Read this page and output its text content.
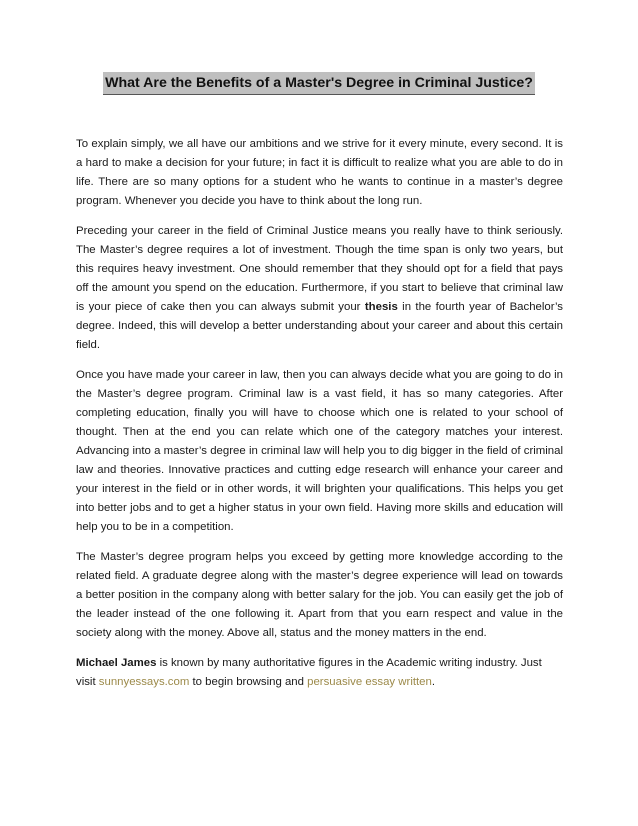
What Are the Benefits of a Master's Degree in Criminal Justice?

To explain simply, we all have our ambitions and we strive for it every minute, every second. It is a hard to make a decision for your future; in fact it is difficult to realize what you are able to do in life. There are so many options for a student who he wants to continue in a master’s degree program. Whenever you decide you have to think about the long run.

Preceding your career in the field of Criminal Justice means you really have to think seriously. The Master’s degree requires a lot of investment. Though the time span is only two years, but this requires heavy investment. One should remember that they should opt for a field that pays off the amount you spend on the education. Furthermore, if you start to believe that criminal law is your piece of cake then you can always submit your thesis in the fourth year of Bachelor’s degree. Indeed, this will develop a better understanding about your career and about this certain field.

Once you have made your career in law, then you can always decide what you are going to do in the Master’s degree program. Criminal law is a vast field, it has so many categories. After completing education, finally you will have to choose which one is related to your school of thought. Then at the end you can relate which one of the category matches your interest. Advancing into a master’s degree in criminal law will help you to dig bigger in the field of criminal law and theories. Innovative practices and cutting edge research will enhance your career and your interest in the field or in other words, it will brighten your qualifications. This helps you get into better jobs and to get a higher status in your own field. Having more skills and education will help you to be in a competition.

The Master’s degree program helps you exceed by getting more knowledge according to the related field. A graduate degree along with the master’s degree experience will lead on towards a better position in the company along with better salary for the job. You can easily get the job of the leader instead of the one following it. Apart from that you earn respect and value in the society along with the money. Above all, status and the money matters in the end.

Michael James is known by many authoritative figures in the Academic writing industry. Just visit sunnyessays.com to begin browsing and persuasive essay written.
